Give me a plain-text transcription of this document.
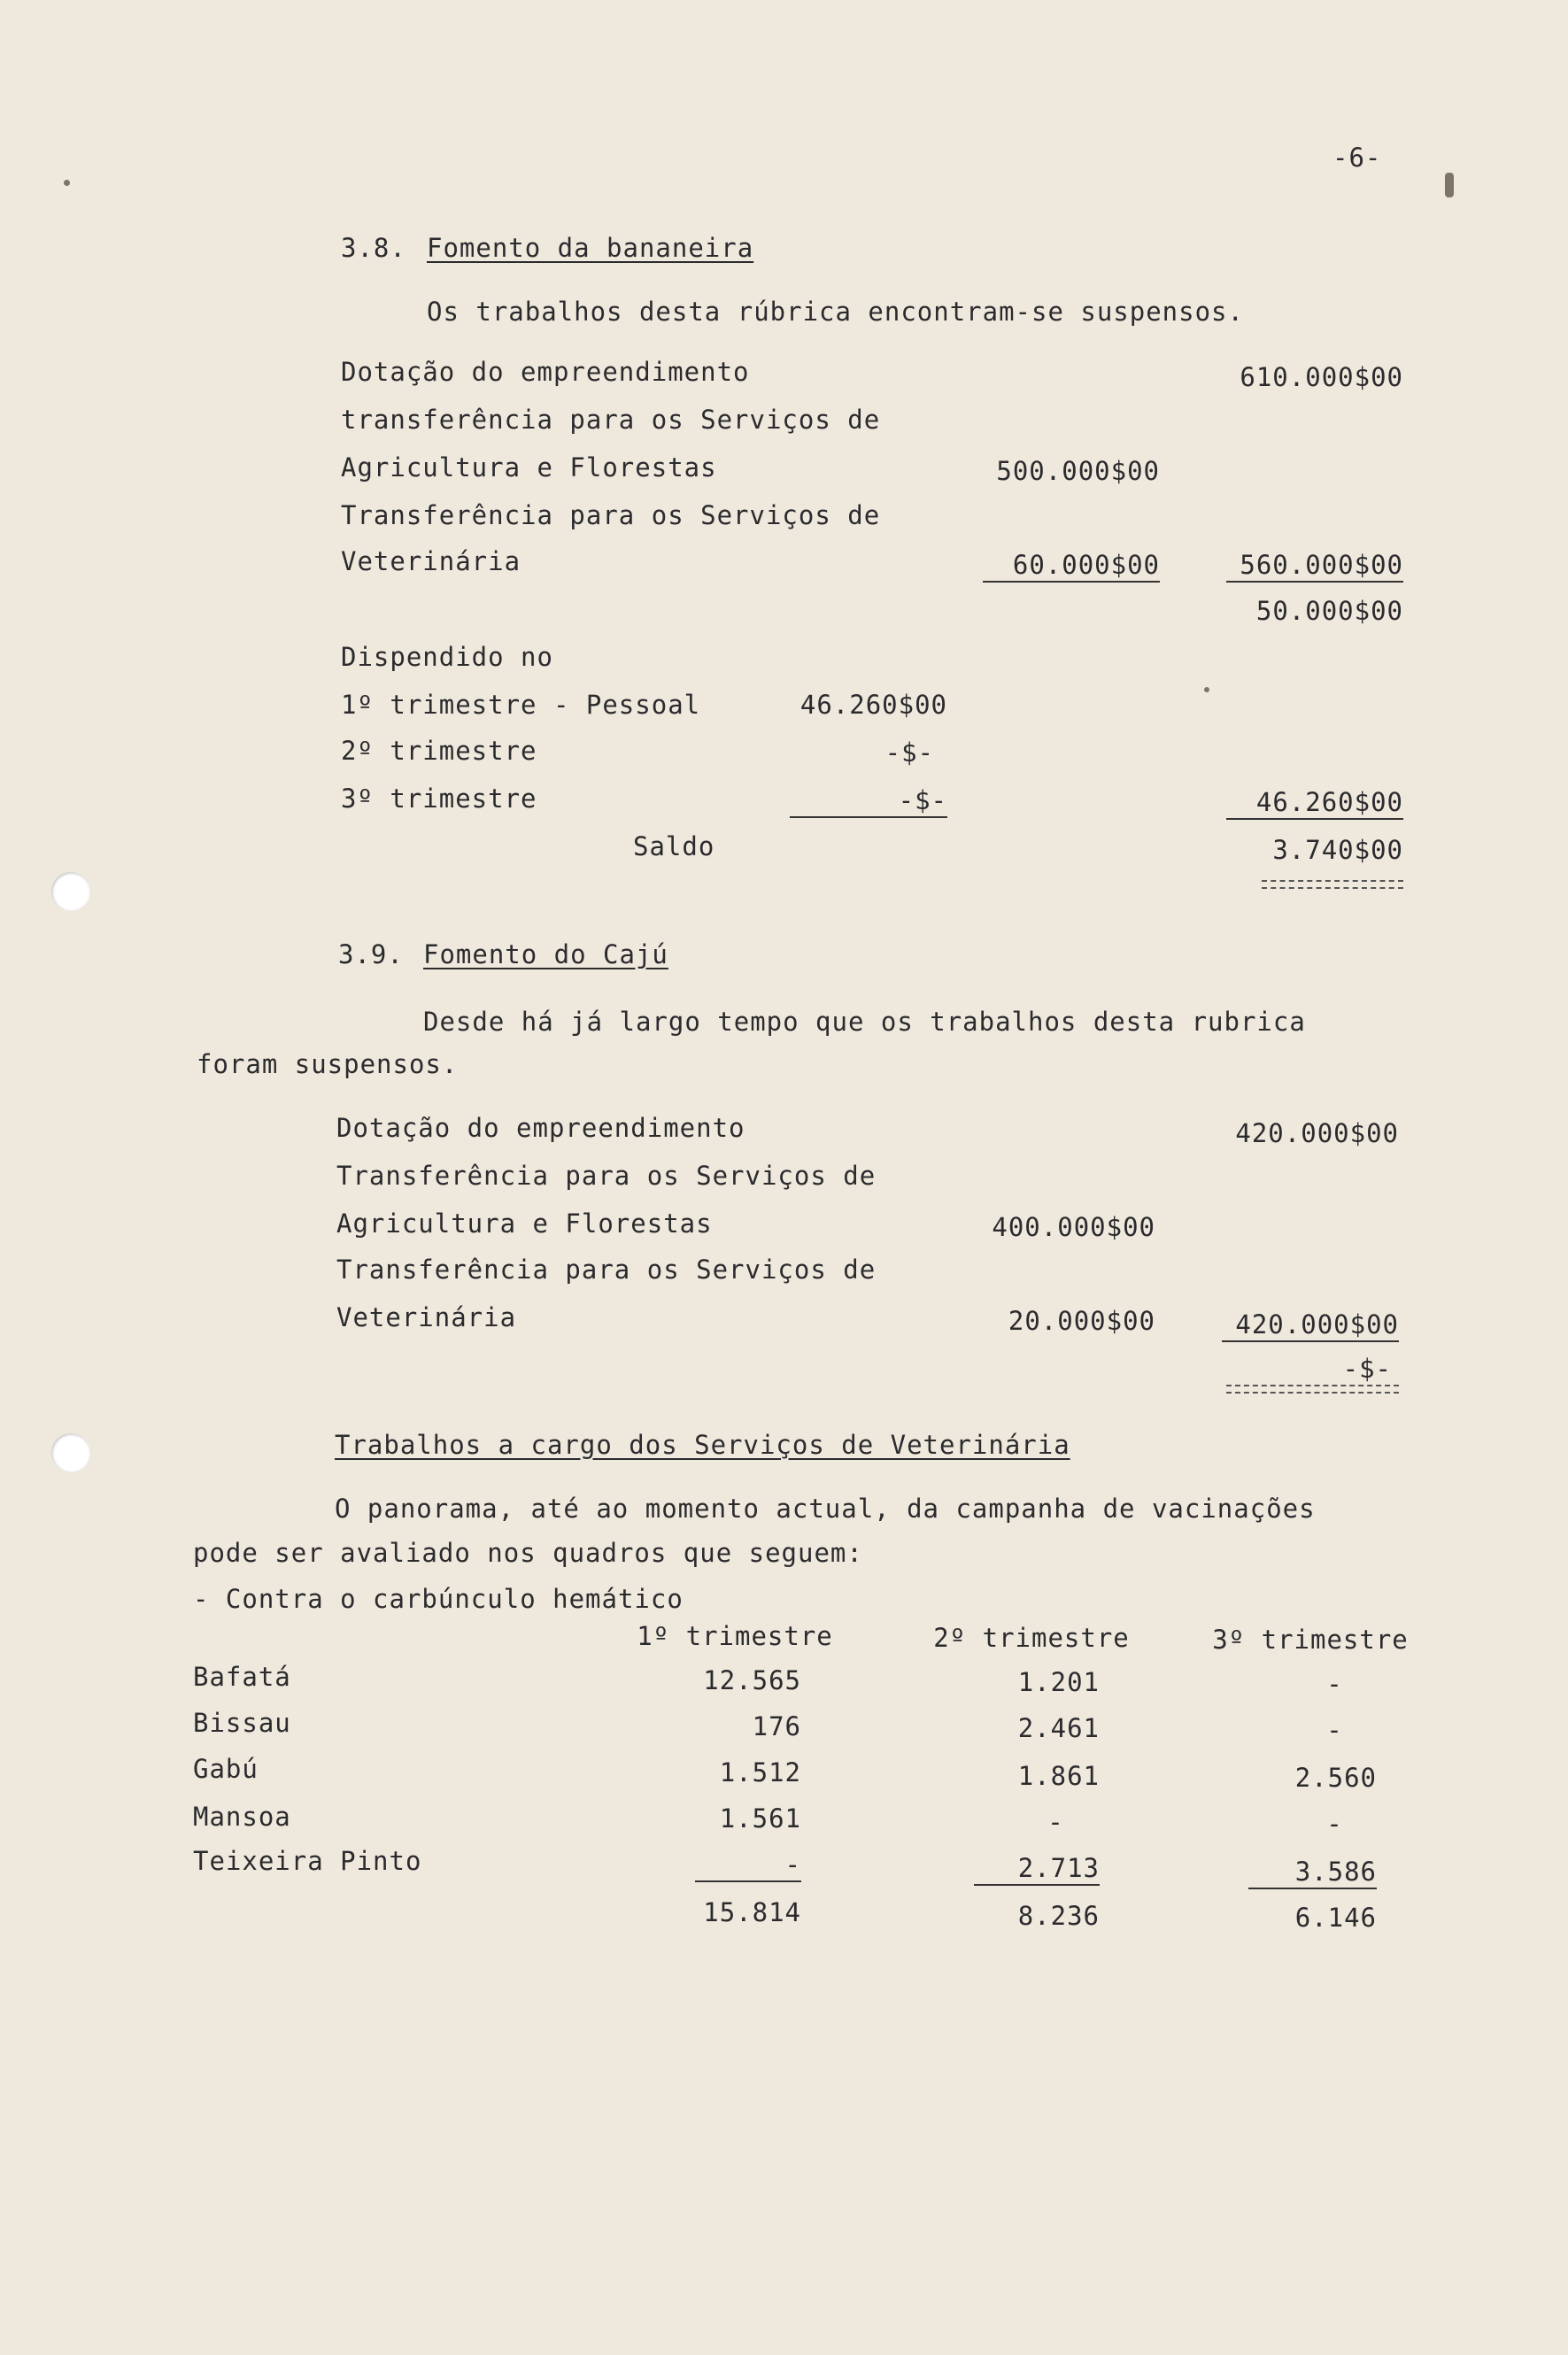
-6-
3.8. Fomento da bananeira
Os trabalhos desta rúbrica encontram-se suspensos.
Dotação do empreendimento	610.000$00
transferência para os Serviços de
Agricultura e Florestas	500.000$00
Transferência para os Serviços de
Veterinária	60.000$00	560.000$00
50.000$00
Dispendido no
1º trimestre - Pessoal	46.260$00
2º trimestre	-$-
3º trimestre	-$-	46.260$00
Saldo	3.740$00
3.9. Fomento do Cajú
Desde há já largo tempo que os trabalhos desta rubrica
foram suspensos.
Dotação do empreendimento	420.000$00
Transferência para os Serviços de
Agricultura e Florestas	400.000$00
Transferência para os Serviços de
Veterinária	20.000$00	420.000$00
-$-
Trabalhos a cargo dos Serviços de Veterinária
O panorama, até ao momento actual, da campanha de vacinações
pode ser avaliado nos quadros que seguem:
- Contra o carbúnculo hemático
1º trimestre	2º trimestre	3º trimestre
Bafatá	12.565	1.201	-
Bissau	176	2.461	-
Gabú	1.512	1.861	2.560
Mansoa	1.561	-	-
Teixeira Pinto	-	2.713	3.586
15.814	8.236	6.146
